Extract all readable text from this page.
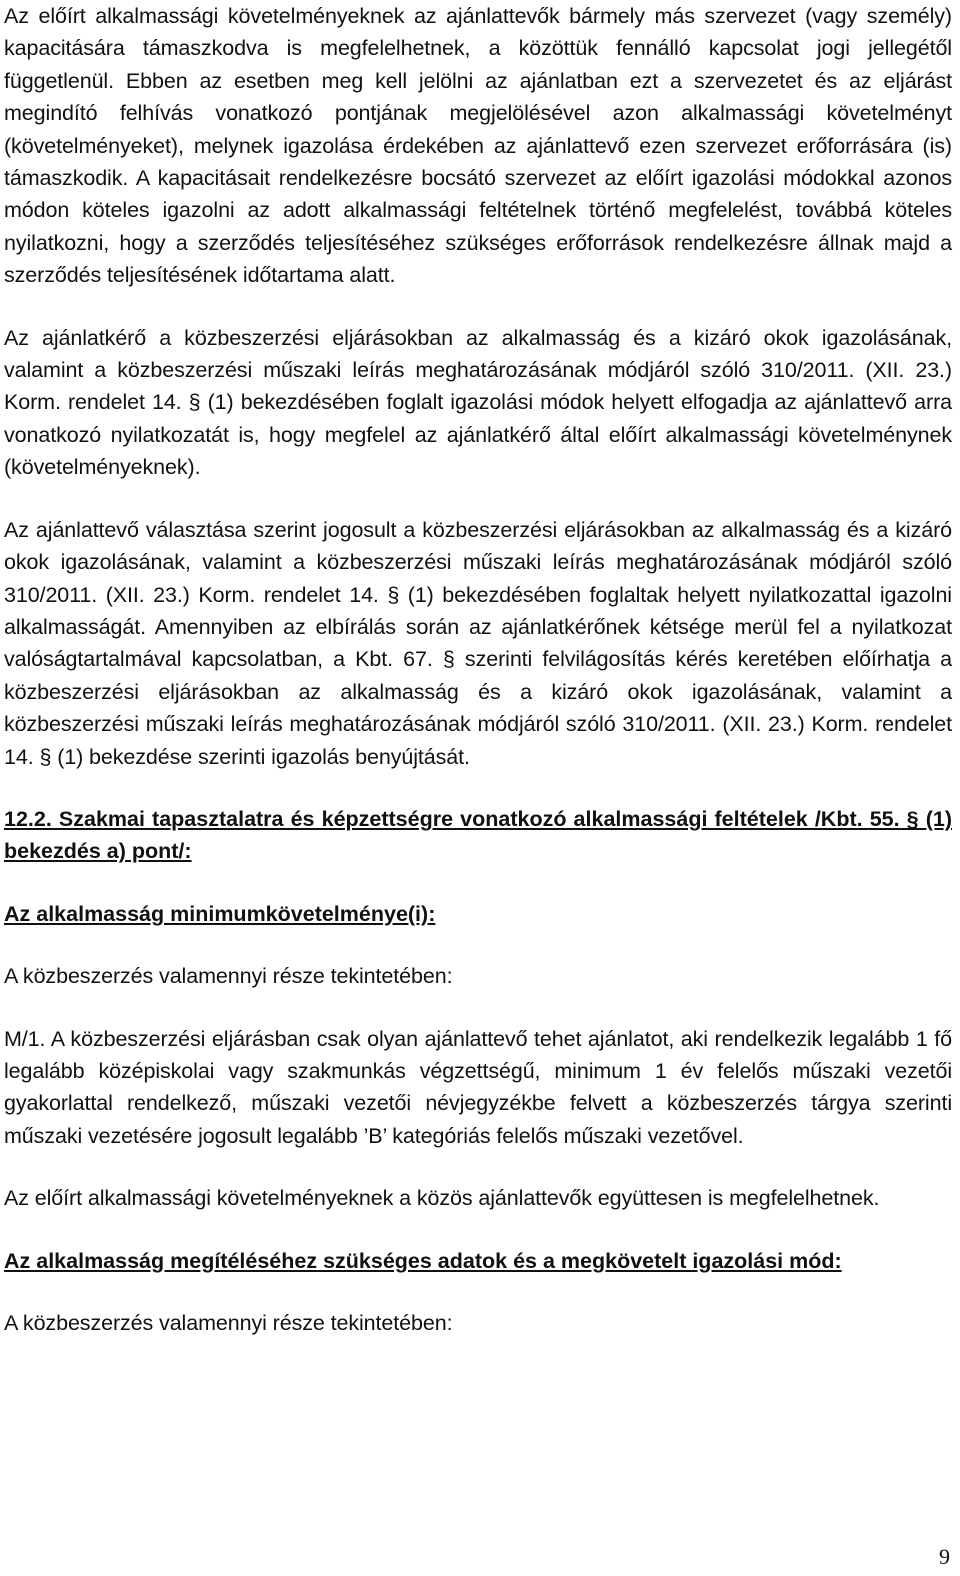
Az előírt alkalmassági követelményeknek az ajánlattevők bármely más szervezet (vagy személy) kapacitására támaszkodva is megfelelhetnek, a közöttük fennálló kapcsolat jogi jellegétől függetlenül. Ebben az esetben meg kell jelölni az ajánlatban ezt a szervezetet és az eljárást megindító felhívás vonatkozó pontjának megjelölésével azon alkalmassági követelményt (követelményeket), melynek igazolása érdekében az ajánlattevő ezen szervezet erőforrására (is) támaszkodik. A kapacitásait rendelkezésre bocsátó szervezet az előírt igazolási módokkal azonos módon köteles igazolni az adott alkalmassági feltételnek történő megfelelést, továbbá köteles nyilatkozni, hogy a szerződés teljesítéséhez szükséges erőforrások rendelkezésre állnak majd a szerződés teljesítésének időtartama alatt.

Az ajánlatkérő a közbeszerzési eljárásokban az alkalmasság és a kizáró okok igazolásának, valamint a közbeszerzési műszaki leírás meghatározásának módjáról szóló 310/2011. (XII. 23.) Korm. rendelet 14. § (1) bekezdésében foglalt igazolási módok helyett elfogadja az ajánlattevő arra vonatkozó nyilatkozatát is, hogy megfelel az ajánlatkérő által előírt alkalmassági követelménynek (követelményeknek).

Az ajánlattevő választása szerint jogosult a közbeszerzési eljárásokban az alkalmasság és a kizáró okok igazolásának, valamint a közbeszerzési műszaki leírás meghatározásának módjáról szóló 310/2011. (XII. 23.) Korm. rendelet 14. § (1) bekezdésében foglaltak helyett nyilatkozattal igazolni alkalmasságát. Amennyiben az elbírálás során az ajánlatkérőnek kétsége merül fel a nyilatkozat valóságtartalmával kapcsolatban, a Kbt. 67. § szerinti felvilágosítás kérés keretében előírhatja a közbeszerzési eljárásokban az alkalmasság és a kizáró okok igazolásának, valamint a közbeszerzési műszaki leírás meghatározásának módjáról szóló 310/2011. (XII. 23.) Korm. rendelet 14. § (1) bekezdése szerinti igazolás benyújtását.

12.2. Szakmai tapasztalatra és képzettségre vonatkozó alkalmassági feltételek /Kbt. 55. § (1) bekezdés a) pont/:

Az alkalmasság minimumkövetelménye(i):

A közbeszerzés valamennyi része tekintetében:

M/1. A közbeszerzési eljárásban csak olyan ajánlattevő tehet ajánlatot, aki rendelkezik legalább 1 fő legalább középiskolai vagy szakmunkás végzettségű, minimum 1 év felelős műszaki vezetői gyakorlattal rendelkező, műszaki vezetői névjegyzékbe felvett a közbeszerzés tárgya szerinti műszaki vezetésére jogosult legalább ’B’ kategóriás felelős műszaki vezetővel.

Az előírt alkalmassági követelményeknek a közös ajánlattevők együttesen is megfelelhetnek.

Az alkalmasság megítéléséhez szükséges adatok és a megkövetelt igazolási mód:

A közbeszerzés valamennyi része tekintetében:

9
